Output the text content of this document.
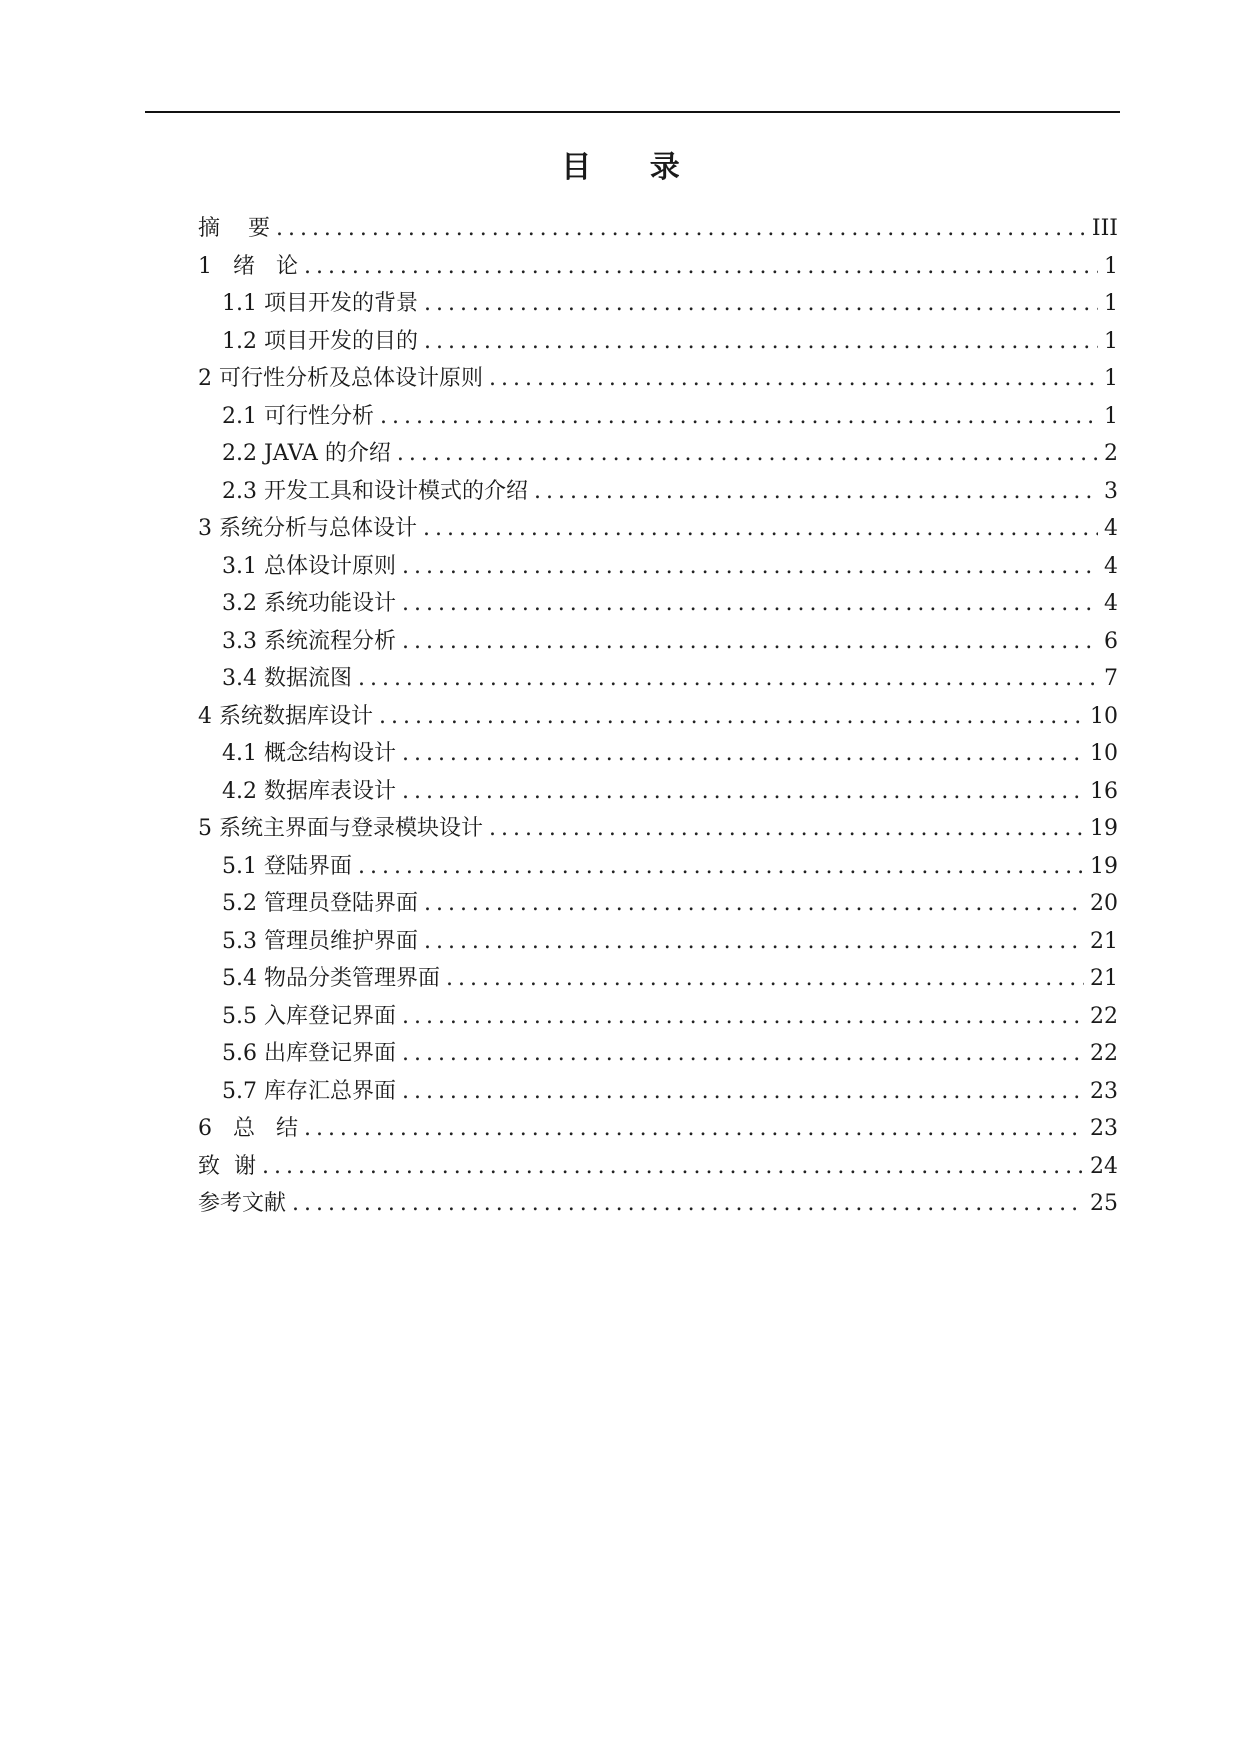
目 录
摘    要 . . .	III
1   绪   论 . . .	1
1.1 项目开发的背景 . . .	1
1.2 项目开发的目的 . . .	1
2 可行性分析及总体设计原则 . . .	1
2.1 可行性分析 . . .	1
2.2 JAVA 的介绍 . . .	2
2.3 开发工具和设计模式的介绍 . . .	3
3 系统分析与总体设计 . . .	4
3.1 总体设计原则 . . .	4
3.2 系统功能设计 . . .	4
3.3 系统流程分析 . . .	6
3.4 数据流图 . . .	7
4 系统数据库设计 . . .	10
4.1 概念结构设计 . . .	10
4.2 数据库表设计 . . .	16
5 系统主界面与登录模块设计 . . .	19
5.1 登陆界面 . . .	19
5.2 管理员登陆界面 . . .	20
5.3 管理员维护界面 . . .	21
5.4 物品分类管理界面 . . .	21
5.5 入库登记界面 . . .	22
5.6 出库登记界面 . . .	22
5.7 库存汇总界面 . . .	23
6   总   结 . . .	23
致  谢 . . .	24
参考文献 . . .	25
